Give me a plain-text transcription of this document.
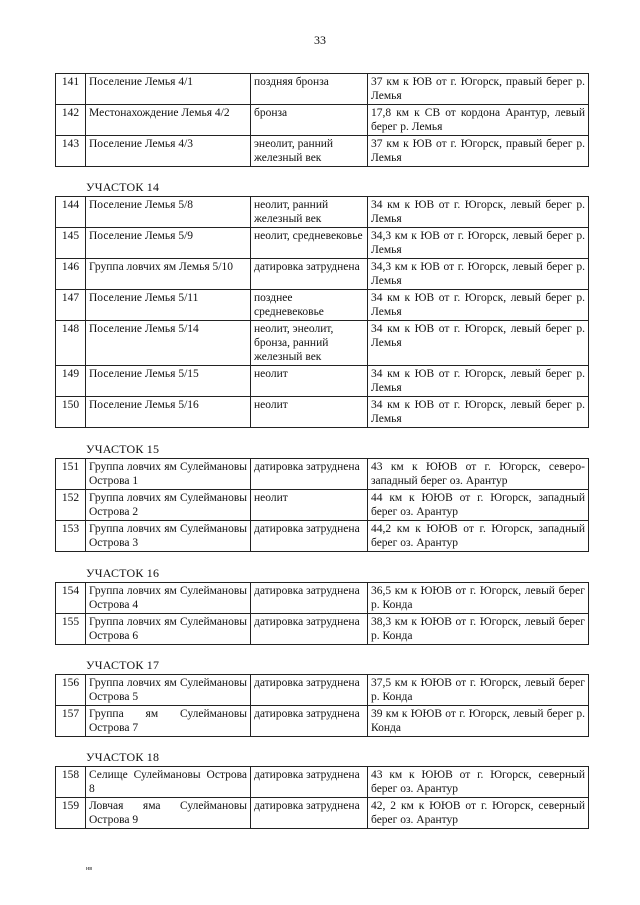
33
141	Поселение Лемья 4/1	поздняя бронза	37 км к ЮВ от г. Югорск, правый берег р. Лемья
142	Местонахождение Лемья 4/2	бронза	17,8 км к СВ от кордона Арантур, левый берег р. Лемья
143	Поселение Лемья 4/3	энеолит, ранний железный век	37 км к ЮВ от г. Югорск, правый берег р. Лемья
УЧАСТОК 14
144	Поселение Лемья 5/8	неолит, ранний железный век	34 км к ЮВ от г. Югорск, левый берег р. Лемья
145	Поселение Лемья 5/9	неолит, средневековье	34,3 км к ЮВ от г. Югорск, левый берег р. Лемья
146	Группа ловчих ям Лемья 5/10	датировка затруднена	34,3 км к ЮВ от г. Югорск, левый берег р. Лемья
147	Поселение Лемья 5/11	позднее средневековье	34 км к ЮВ от г. Югорск, левый берег р. Лемья
148	Поселение Лемья 5/14	неолит, энеолит, бронза, ранний железный век	34 км к ЮВ от г. Югорск, левый берег р. Лемья
149	Поселение Лемья 5/15	неолит	34 км к ЮВ от г. Югорск, левый берег р. Лемья
150	Поселение Лемья 5/16	неолит	34 км к ЮВ от г. Югорск, левый берег р. Лемья
УЧАСТОК 15
151	Группа ловчих ям Сулеймановы Острова 1	датировка затруднена	43 км к ЮЮВ от г. Югорск, северо-западный берег оз. Арантур
152	Группа ловчих ям Сулеймановы Острова 2	неолит	44 км к ЮЮВ от г. Югорск, западный берег оз. Арантур
153	Группа ловчих ям Сулеймановы Острова 3	датировка затруднена	44,2 км к ЮЮВ от г. Югорск, западный берег оз. Арантур
УЧАСТОК 16
154	Группа ловчих ям Сулеймановы Острова 4	датировка затруднена	36,5 км к ЮЮВ от г. Югорск, левый берег р. Конда
155	Группа ловчих ям Сулеймановы Острова 6	датировка затруднена	38,3 км к ЮЮВ от г. Югорск, левый берег р. Конда
УЧАСТОК 17
156	Группа ловчих ям Сулеймановы Острова 5	датировка затруднена	37,5 км к ЮЮВ от г. Югорск, левый берег р. Конда
157	Группа ям Сулеймановы Острова 7	датировка затруднена	39 км к ЮЮВ от г. Югорск, левый берег р. Конда
УЧАСТОК 18
158	Селище Сулеймановы Острова 8	датировка затруднена	43 км к ЮЮВ от г. Югорск, северный берег оз. Арантур
159	Ловчая яма Сулеймановы Острова 9	датировка затруднена	42, 2 км к ЮЮВ от г. Югорск, северный берег оз. Арантур
нв
